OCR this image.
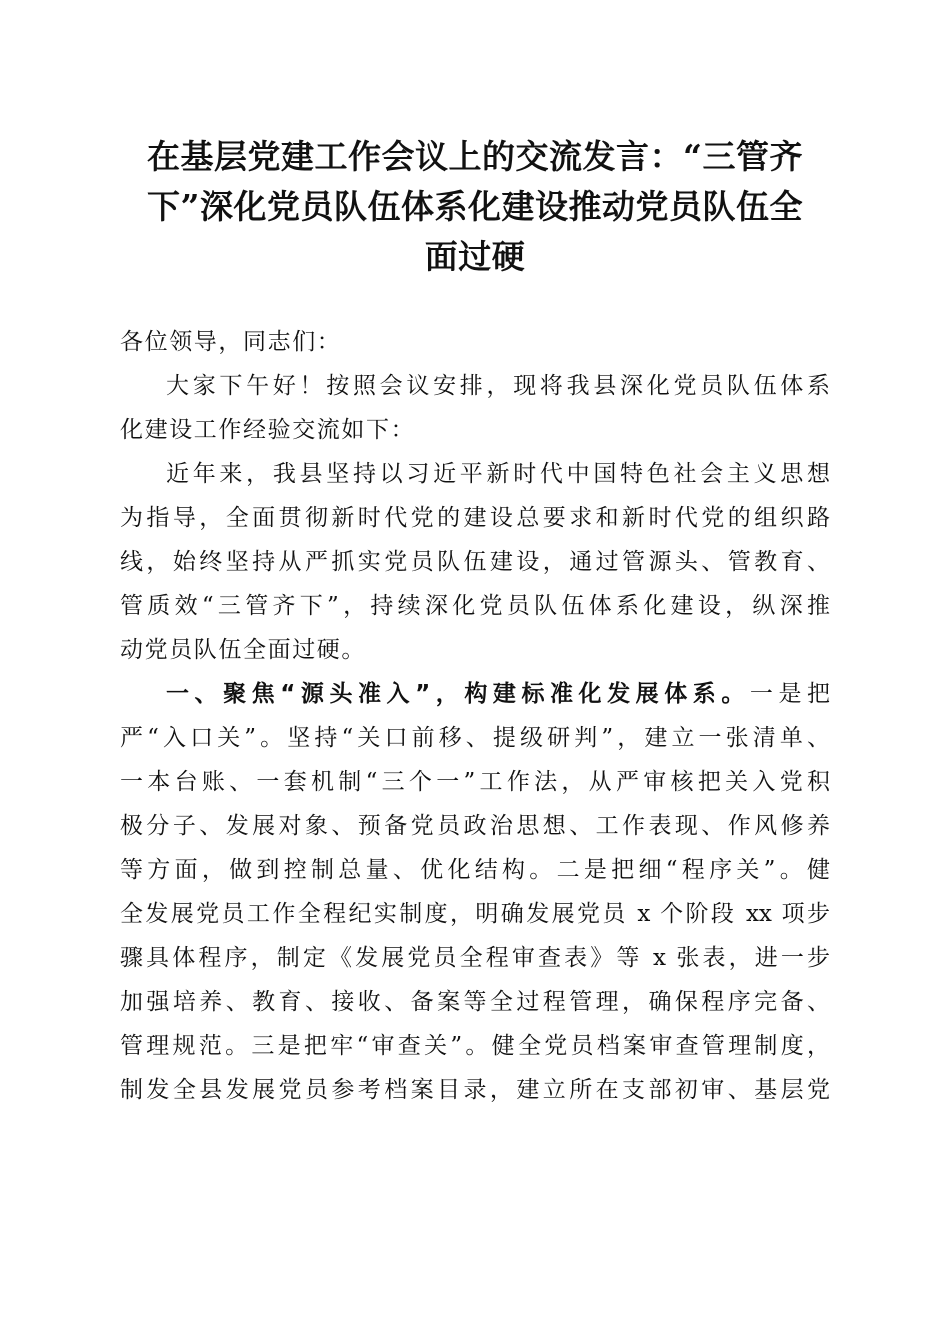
在基层党建工作会议上的交流发言：“三管齐
下”深化党员队伍体系化建设推动党员队伍全
面过硬
各位领导，同志们：
大家下午好！按照会议安排，现将我县深化党员队伍体系
化建设工作经验交流如下：
近年来，我县坚持以习近平新时代中国特色社会主义思想
为指导，全面贯彻新时代党的建设总要求和新时代党的组织路
线，始终坚持从严抓实党员队伍建设，通过管源头、管教育、
管质效“三管齐下”，持续深化党员队伍体系化建设，纵深推
动党员队伍全面过硬。
一、聚焦“源头准入”，构建标准化发展体系。一是把
严“入口关”。坚持“关口前移、提级研判”，建立一张清单、
一本台账、一套机制“三个一”工作法，从严审核把关入党积
极分子、发展对象、预备党员政治思想、工作表现、作风修养
等方面，做到控制总量、优化结构。二是把细“程序关”。健
全发展党员工作全程纪实制度，明确发展党员 x 个阶段 xx 项步
骤具体程序，制定《发展党员全程审查表》等 x 张表，进一步
加强培养、教育、接收、备案等全过程管理，确保程序完备、
管理规范。三是把牢“审查关”。健全党员档案审查管理制度，
制发全县发展党员参考档案目录，建立所在支部初审、基层党
